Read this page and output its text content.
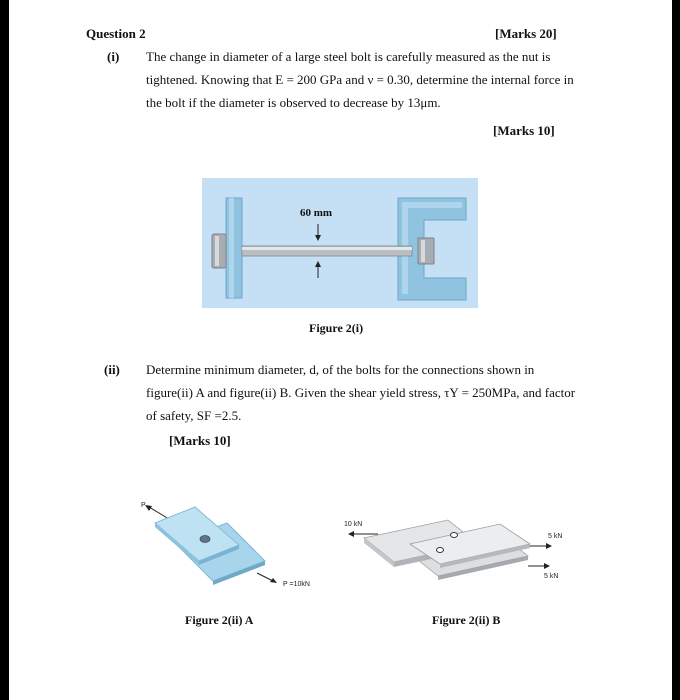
Question 2	[Marks 20]
(i) The change in diameter of a large steel bolt is carefully measured as the nut is
tightened. Knowing that E = 200 GPa and ν = 0.30, determine the internal force in
the bolt if the diameter is observed to decrease by 13μm.
[Marks 10]
60 mm
Figure 2(i)
(ii) Determine minimum diameter, d, of the bolts for the connections shown in
figure(ii) A and figure(ii) B. Given the shear yield stress, τY = 250MPa, and factor
of safety, SF =2.5.
[Marks 10]
P
P =10kN
Figure 2(ii) A
10 kN
5 kN
5 kN
Figure 2(ii) B
